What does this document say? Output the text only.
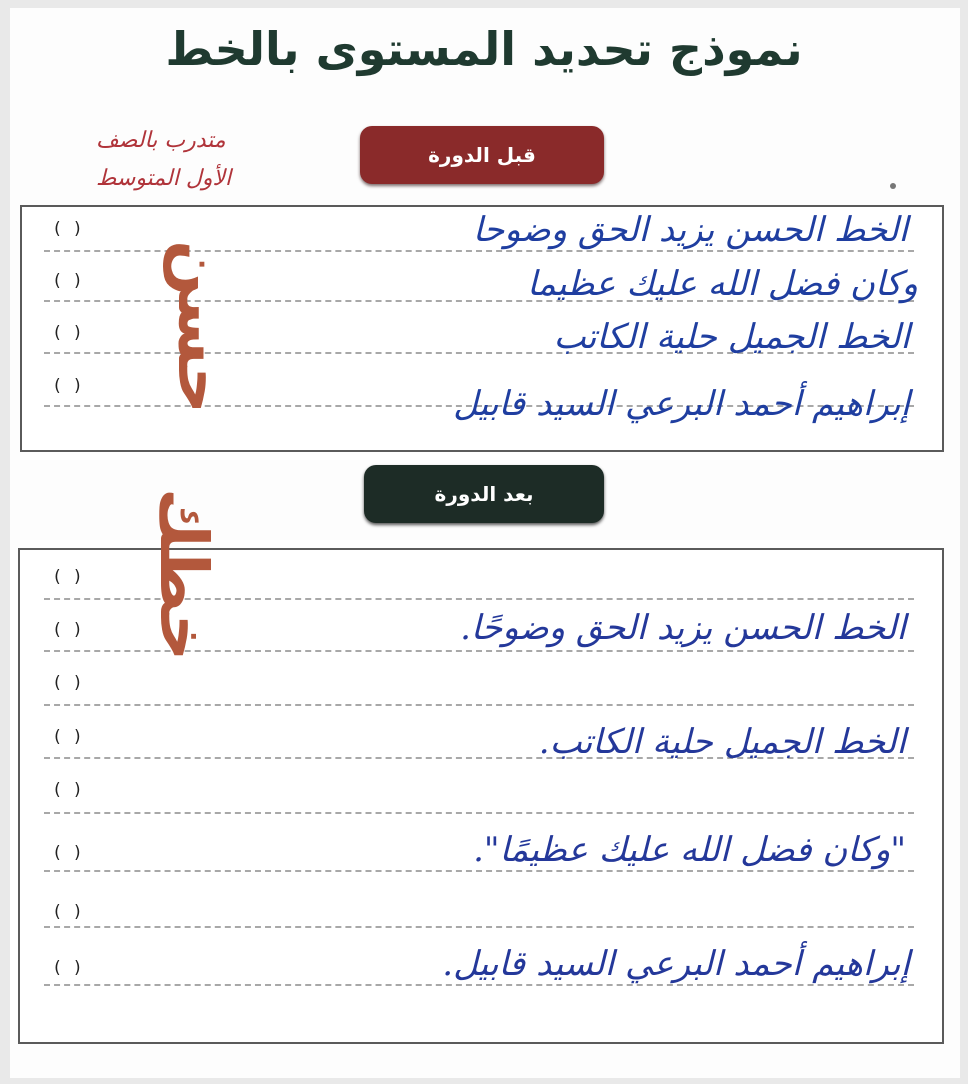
نموذج تحديد المستوى بالخط
متدرب بالصف
الأول المتوسط
قبل الدورة
( )
( )
( )
( )
الخط الحسن يزيد الحق وضوحا
وكان فضل الله عليك عظيما
الخط الجميل حلية الكاتب
إبراهيم أحمد البرعي السيد قابيل
بعد الدورة
( )
( )
( )
( )
( )
( )
( )
( )
الخط الحسن يزيد الحق وضوحًا.
الخط الجميل حلية الكاتب.
"وكان فضل الله عليك عظيمًا".
إبراهيم أحمد البرعي السيد قابيل.
حسن
خطك
